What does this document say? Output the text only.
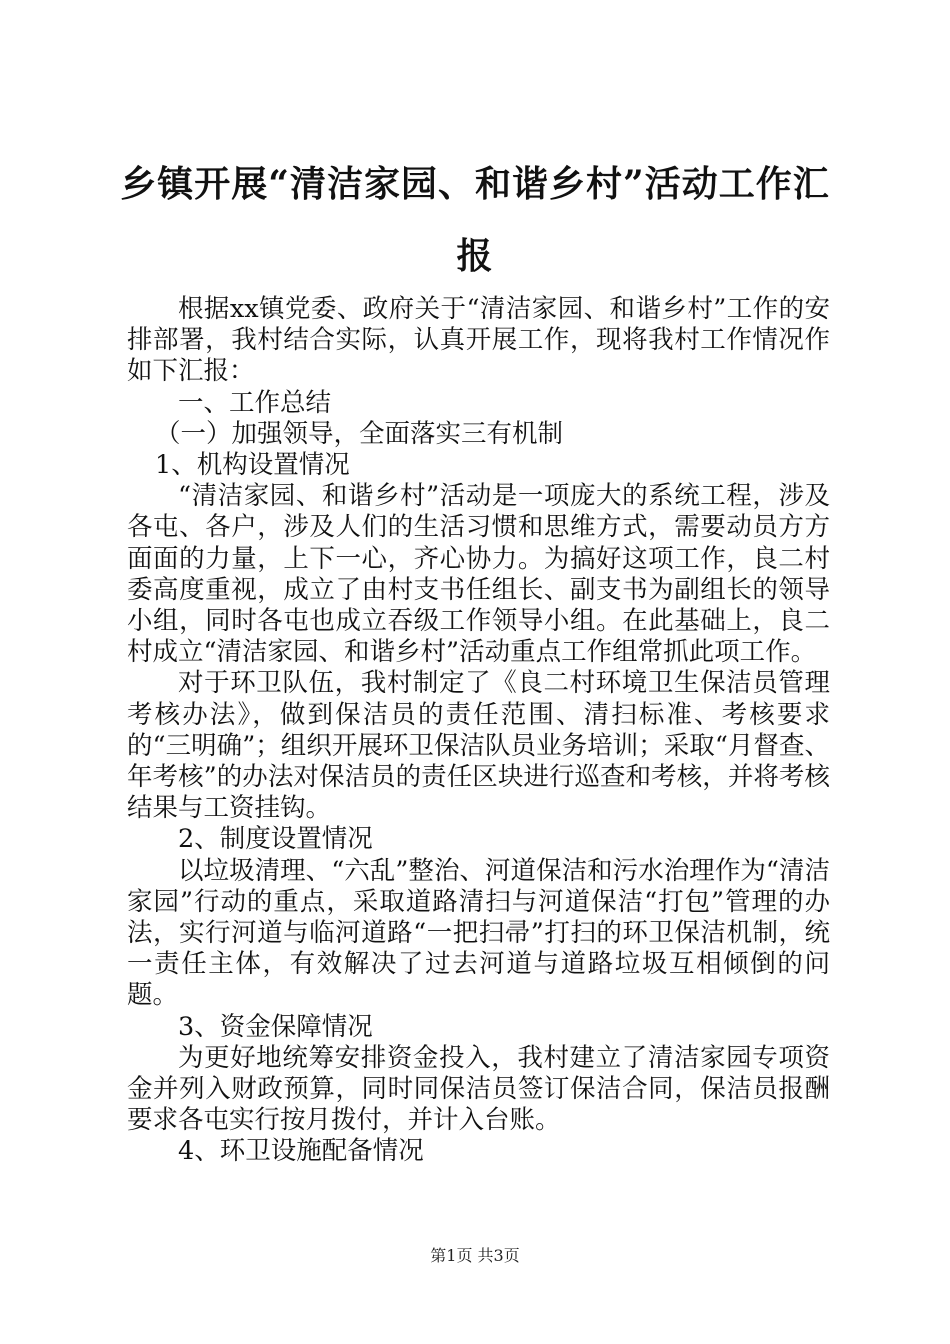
乡镇开展“清洁家园、和谐乡村”活动工作汇报

根据xx镇党委、政府关于“清洁家园、和谐乡村”工作的安排部署，我村结合实际，认真开展工作，现将我村工作情况作如下汇报：

一、工作总结

（一）加强领导，全面落实三有机制

1、机构设置情况

“清洁家园、和谐乡村”活动是一项庞大的系统工程，涉及各屯、各户，涉及人们的生活习惯和思维方式，需要动员方方面面的力量，上下一心，齐心协力。为搞好这项工作，良二村委高度重视，成立了由村支书任组长、副支书为副组长的领导小组，同时各屯也成立吞级工作领导小组。在此基础上，良二村成立“清洁家园、和谐乡村”活动重点工作组常抓此项工作。

对于环卫队伍，我村制定了《良二村环境卫生保洁员管理考核办法》，做到保洁员的责任范围、清扫标准、考核要求的“三明确”；组织开展环卫保洁队员业务培训；采取“月督查、年考核”的办法对保洁员的责任区块进行巡查和考核，并将考核结果与工资挂钩。

2、制度设置情况

以垃圾清理、“六乱”整治、河道保洁和污水治理作为“清洁家园”行动的重点，采取道路清扫与河道保洁“打包”管理的办法，实行河道与临河道路“一把扫帚”打扫的环卫保洁机制，统一责任主体，有效解决了过去河道与道路垃圾互相倾倒的问题。

3、资金保障情况

为更好地统筹安排资金投入，我村建立了清洁家园专项资金并列入财政预算，同时同保洁员签订保洁合同，保洁员报酬要求各屯实行按月拨付，并计入台账。

4、环卫设施配备情况

第1页 共3页
